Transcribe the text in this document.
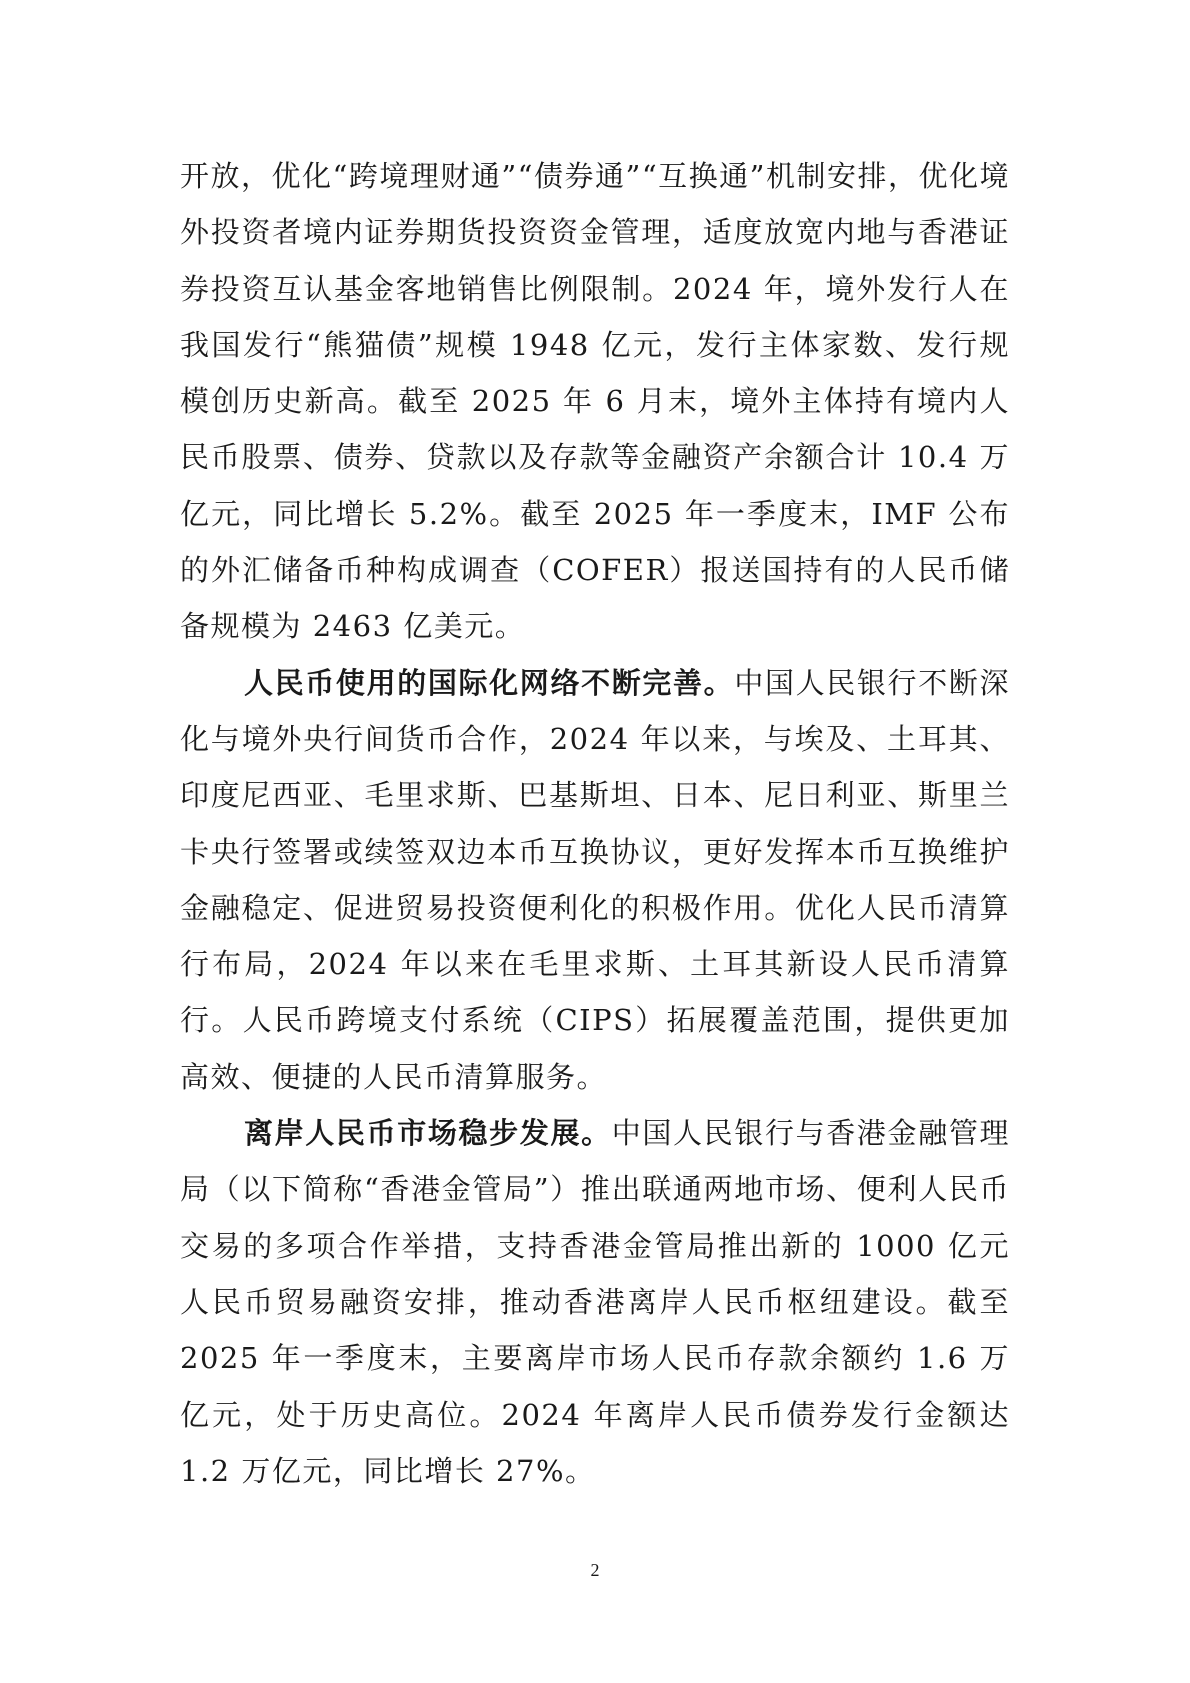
开放，优化“跨境理财通”“债券通”“互换通”机制安排，优化境外投资者境内证券期货投资资金管理，适度放宽内地与香港证券投资互认基金客地销售比例限制。2024 年，境外发行人在我国发行“熊猫债”规模 1948 亿元，发行主体家数、发行规模创历史新高。截至 2025 年 6 月末，境外主体持有境内人民币股票、债券、贷款以及存款等金融资产余额合计 10.4 万亿元，同比增长 5.2%。截至 2025 年一季度末，IMF 公布的外汇储备币种构成调查（COFER）报送国持有的人民币储备规模为 2463 亿美元。

人民币使用的国际化网络不断完善。中国人民银行不断深化与境外央行间货币合作，2024 年以来，与埃及、土耳其、印度尼西亚、毛里求斯、巴基斯坦、日本、尼日利亚、斯里兰卡央行签署或续签双边本币互换协议，更好发挥本币互换维护金融稳定、促进贸易投资便利化的积极作用。优化人民币清算行布局，2024 年以来在毛里求斯、土耳其新设人民币清算行。人民币跨境支付系统（CIPS）拓展覆盖范围，提供更加高效、便捷的人民币清算服务。

离岸人民币市场稳步发展。中国人民银行与香港金融管理局（以下简称“香港金管局”）推出联通两地市场、便利人民币交易的多项合作举措，支持香港金管局推出新的 1000 亿元人民币贸易融资安排，推动香港离岸人民币枢纽建设。截至 2025 年一季度末，主要离岸市场人民币存款余额约 1.6 万亿元，处于历史高位。2024 年离岸人民币债券发行金额达 1.2 万亿元，同比增长 27%。

2
